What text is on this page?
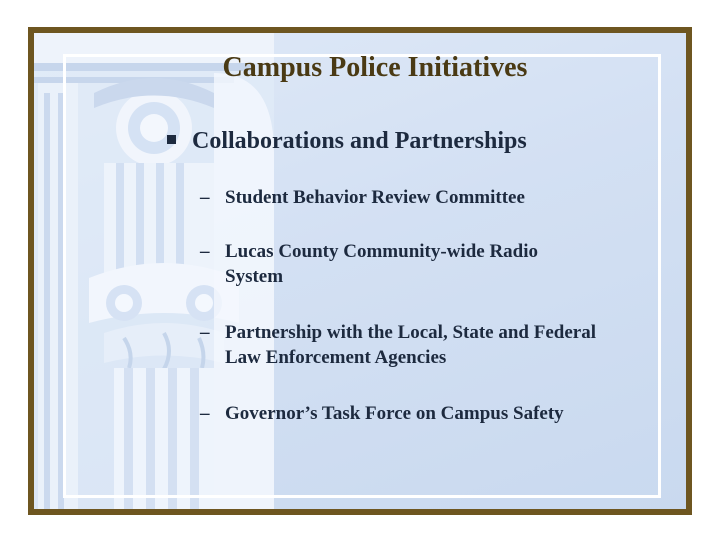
Campus Police Initiatives
Collaborations and Partnerships
– Student Behavior Review Committee
– Lucas County Community-wide Radio System
– Partnership with the Local, State and Federal Law Enforcement Agencies
– Governor’s Task Force on Campus Safety
